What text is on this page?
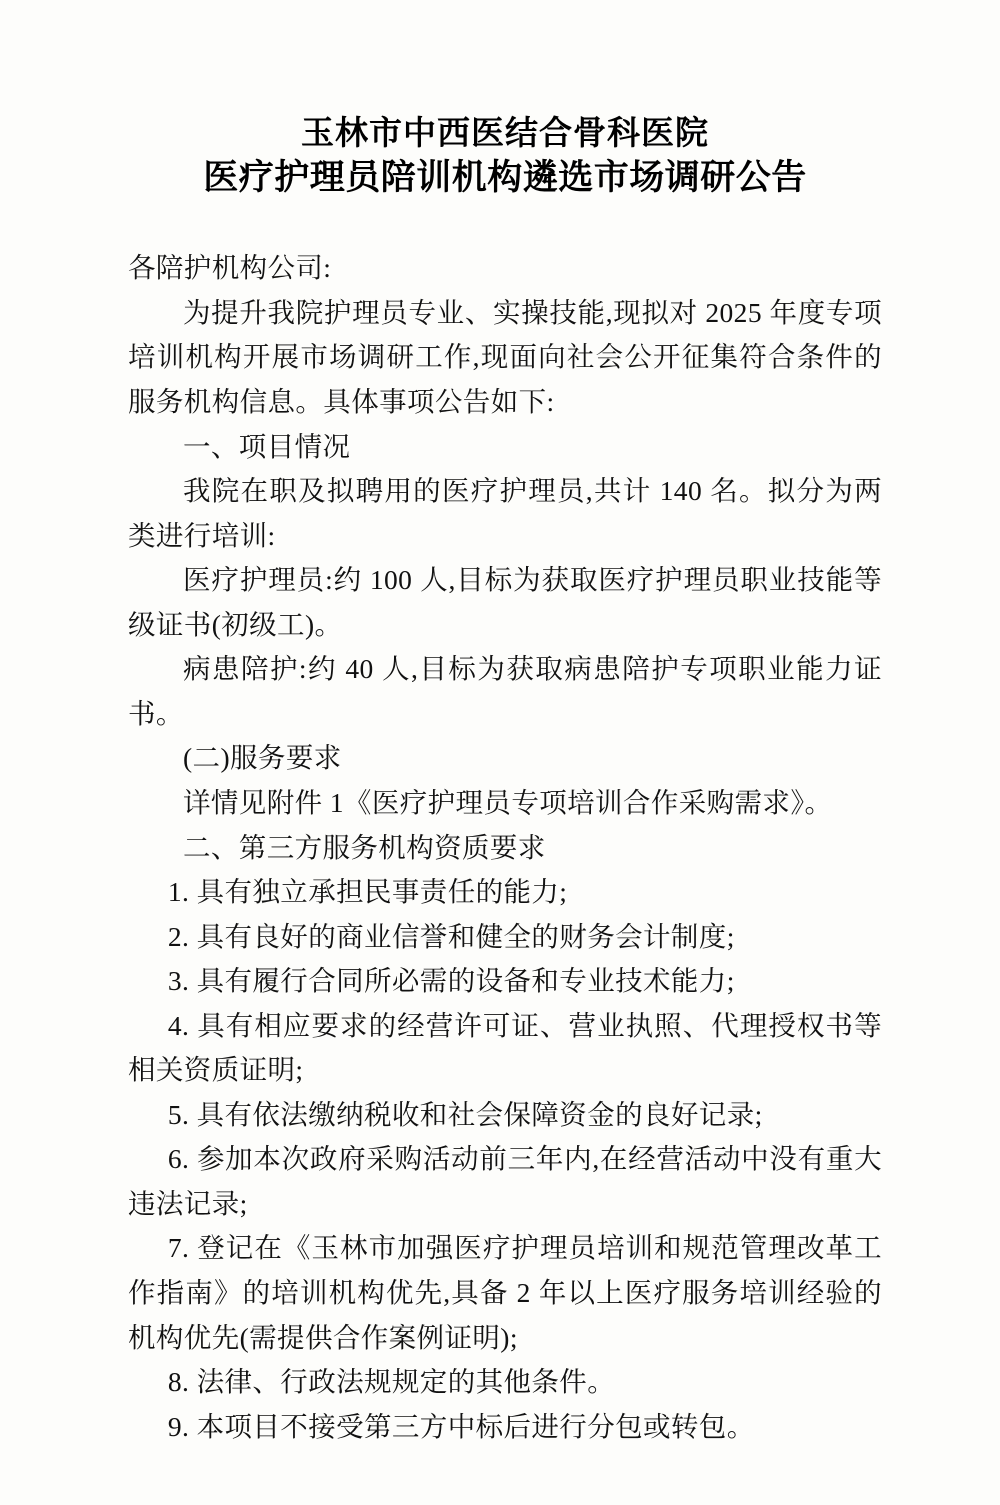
玉林市中西医结合骨科医院
医疗护理员陪训机构遴选市场调研公告

各陪护机构公司:

为提升我院护理员专业、实操技能,现拟对 2025 年度专项培训机构开展市场调研工作,现面向社会公开征集符合条件的服务机构信息。具体事项公告如下:

一、项目情况

我院在职及拟聘用的医疗护理员,共计 140 名。拟分为两类进行培训:

医疗护理员:约 100 人,目标为获取医疗护理员职业技能等级证书(初级工)。

病患陪护:约 40 人,目标为获取病患陪护专项职业能力证书。

(二)服务要求

详情见附件 1《医疗护理员专项培训合作采购需求》。

二、第三方服务机构资质要求

1. 具有独立承担民事责任的能力;

2. 具有良好的商业信誉和健全的财务会计制度;

3. 具有履行合同所必需的设备和专业技术能力;

4. 具有相应要求的经营许可证、营业执照、代理授权书等相关资质证明;

5. 具有依法缴纳税收和社会保障资金的良好记录;

6. 参加本次政府采购活动前三年内,在经营活动中没有重大违法记录;

7. 登记在《玉林市加强医疗护理员培训和规范管理改革工作指南》的培训机构优先,具备 2 年以上医疗服务培训经验的机构优先(需提供合作案例证明);

8. 法律、行政法规规定的其他条件。

9. 本项目不接受第三方中标后进行分包或转包。
